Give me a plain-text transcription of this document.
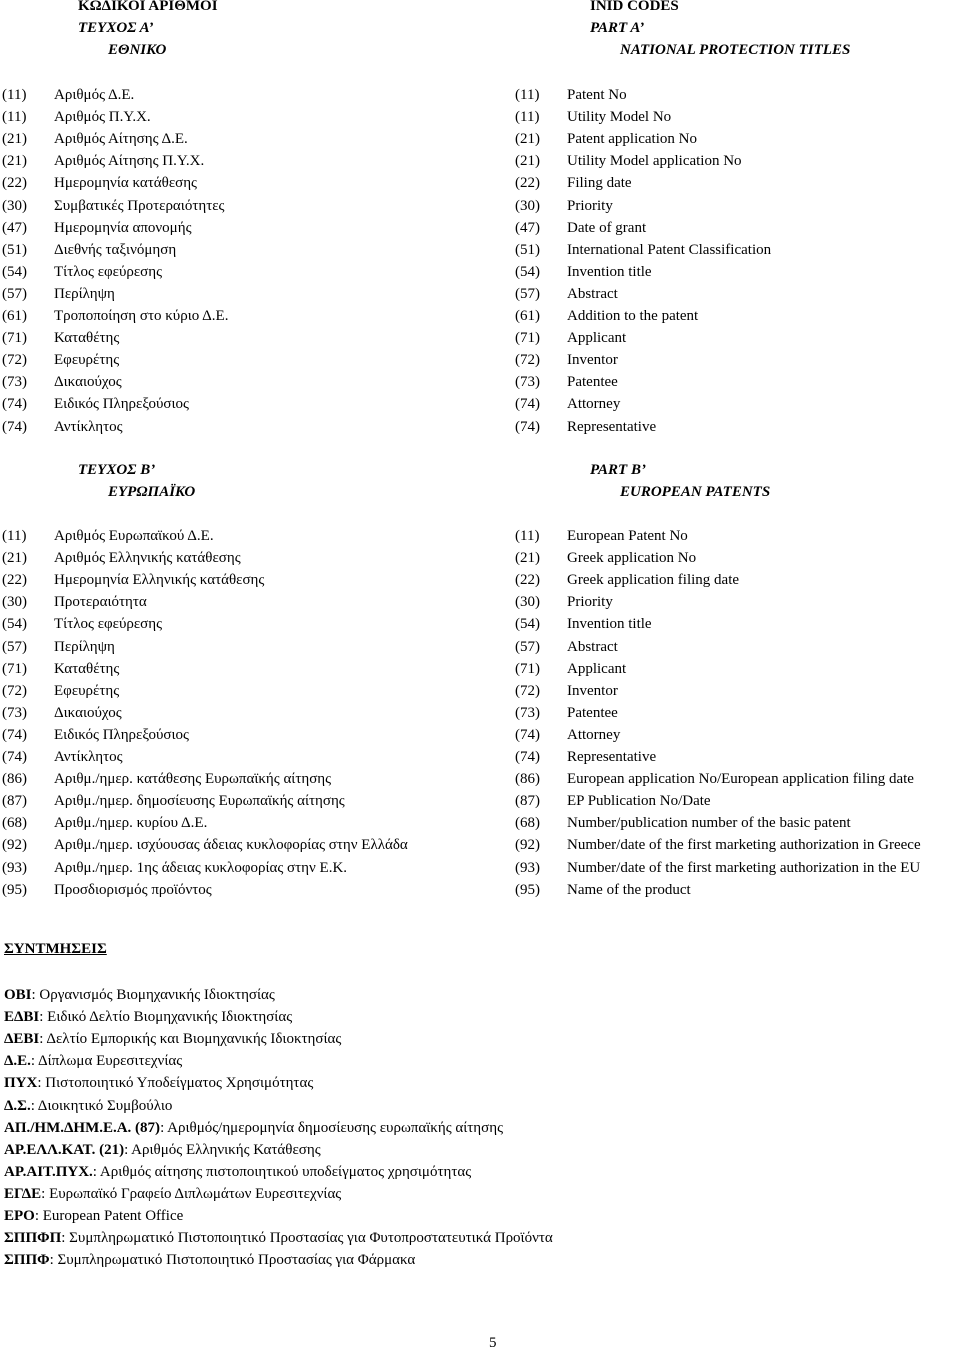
ΚΩΔΙΚΟΙ ΑΡΙΘΜΟΙ
ΤΕΥΧΟΣ Α’
ΕΘΝΙΚΟ
INID CODES
PART A’
NATIONAL PROTECTION TITLES
(11) Αριθμός Δ.Ε.
(11) Αριθμός Π.Υ.Χ.
(21) Αριθμός Αίτησης Δ.Ε.
(21) Αριθμός Αίτησης Π.Υ.Χ.
(22) Ημερομηνία κατάθεσης
(30) Συμβατικές Προτεραιότητες
(47) Ημερομηνία απονομής
(51) Διεθνής ταξινόμηση
(54) Τίτλος εφεύρεσης
(57) Περίληψη
(61) Τροποποίηση στο κύριο Δ.Ε.
(71) Καταθέτης
(72) Εφευρέτης
(73) Δικαιούχος
(74) Ειδικός Πληρεξούσιος
(74) Αντίκλητος
(11) Patent No
(11) Utility Model No
(21) Patent application No
(21) Utility Model application No
(22) Filing date
(30) Priority
(47) Date of grant
(51) International Patent Classification
(54) Invention title
(57) Abstract
(61) Addition to the patent
(71) Applicant
(72) Inventor
(73) Patentee
(74) Attorney
(74) Representative
ΤΕΥΧΟΣ Β’
ΕΥΡΩΠΑΪΚΟ
PART B’
EUROPEAN PATENTS
(11) Αριθμός Ευρωπαϊκού Δ.Ε.
(21) Αριθμός Ελληνικής κατάθεσης
(22) Ημερομηνία Ελληνικής κατάθεσης
(30) Προτεραιότητα
(54) Τίτλος εφεύρεσης
(57) Περίληψη
(71) Καταθέτης
(72) Εφευρέτης
(73) Δικαιούχος
(74) Ειδικός Πληρεξούσιος
(74) Αντίκλητος
(86) Αριθμ./ημερ. κατάθεσης Ευρωπαϊκής αίτησης
(87) Αριθμ./ημερ. δημοσίευσης Ευρωπαϊκής αίτησης
(68) Αριθμ./ημερ. κυρίου Δ.Ε.
(92) Αριθμ./ημερ. ισχύουσας άδειας κυκλοφορίας στην Ελλάδα
(93) Αριθμ./ημερ. 1ης άδειας κυκλοφορίας στην Ε.Κ.
(95) Προσδιορισμός προϊόντος
(11) European Patent No
(21) Greek application No
(22) Greek application filing date
(30) Priority
(54) Invention title
(57) Abstract
(71) Applicant
(72) Inventor
(73) Patentee
(74) Attorney
(74) Representative
(86) European application No/European application filing date
(87) EP Publication No/Date
(68) Number/publication number of the basic patent
(92) Number/date of the first marketing authorization in Greece
(93) Number/date of the first marketing authorization in the EU
(95) Name of the product
ΣΥΝΤΜΗΣΕΙΣ
ΟΒΙ: Οργανισμός Βιομηχανικής Ιδιοκτησίας
ΕΔΒΙ: Ειδικό Δελτίο Βιομηχανικής Ιδιοκτησίας
ΔΕΒΙ: Δελτίο Εμπορικής και Βιομηχανικής Ιδιοκτησίας
Δ.Ε.: Δίπλωμα Ευρεσιτεχνίας
ΠΥΧ: Πιστοποιητικό Υποδείγματος Χρησιμότητας
Δ.Σ.: Διοικητικό Συμβούλιο
ΑΠ./ΗΜ.ΔΗΜ.Ε.Α. (87): Αριθμός/ημερομηνία δημοσίευσης ευρωπαϊκής αίτησης
ΑΡ.ΕΛΛ.ΚΑΤ. (21): Αριθμός Ελληνικής Κατάθεσης
ΑΡ.ΑΙΤ.ΠΥΧ.: Αριθμός αίτησης πιστοποιητικού υποδείγματος χρησιμότητας
ΕΓΔΕ: Ευρωπαϊκό Γραφείο Διπλωμάτων Ευρεσιτεχνίας
ΕΡΟ: European Patent Office
ΣΠΠΦΠ: Συμπληρωματικό Πιστοποιητικό Προστασίας για Φυτοπροστατευτικά Προϊόντα
ΣΠΠΦ: Συμπληρωματικό Πιστοποιητικό Προστασίας για Φάρμακα
5
